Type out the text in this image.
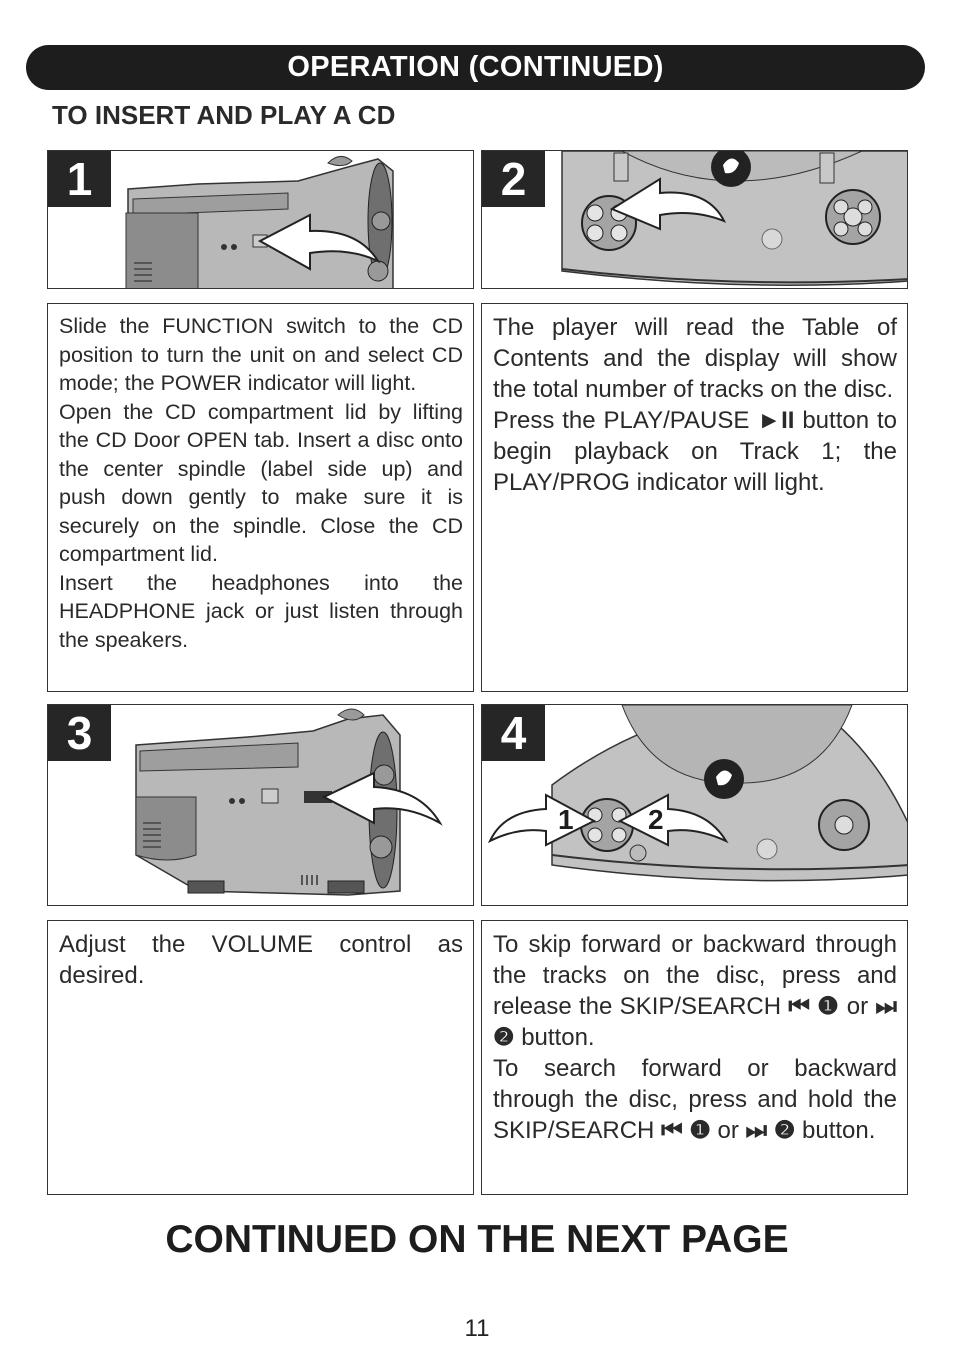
OPERATION (CONTINUED)
TO INSERT AND PLAY A CD
1	2

Slide the FUNCTION switch to the CD position to turn the unit on and select CD mode; the POWER indicator will light.

Open the CD compartment lid by lifting the CD Door OPEN tab. Insert a disc onto the center spindle (label side up) and push down gently to make sure it is securely on the spindle. Close the CD compartment lid.

Insert the headphones into the HEADPHONE jack or just listen through the speakers.

The player will read the Table of Contents and the display will show the total number of tracks on the disc.

Press the PLAY/PAUSE ►II button to begin playback on Track 1; the PLAY/PROG indicator will light.

3
1	2
4

Adjust the VOLUME control as desired.

To skip forward or backward through the tracks on the disc, press and release the SKIP/SEARCH ⏮ ❶ or ⏭ ❷ button.

To search forward or backward through the disc, press and hold the SKIP/SEARCH ⏮ ❶ or ⏭ ❷ button.

CONTINUED ON THE NEXT PAGE
11
